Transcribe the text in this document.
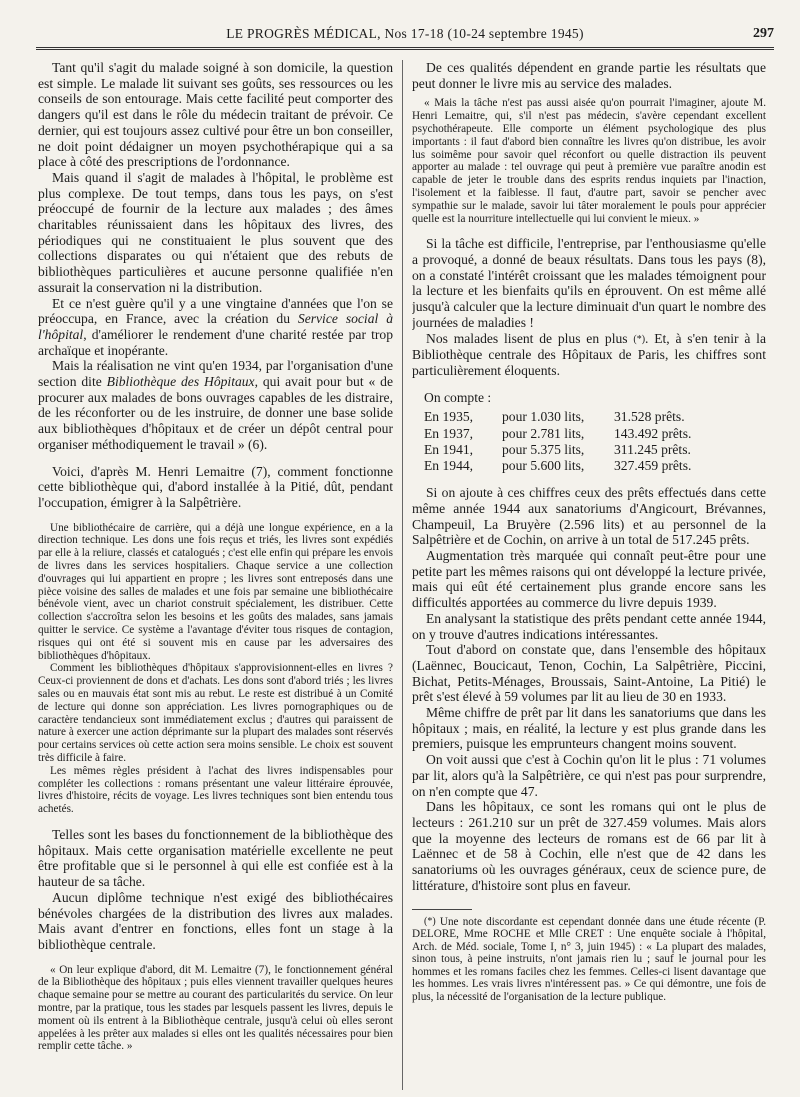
LE PROGRÈS MÉDICAL, Nos 17-18 (10-24 septembre 1945)	297

Tant qu'il s'agit du malade soigné à son domicile, la question est simple. Le malade lit suivant ses goûts, ses ressources ou les conseils de son entourage. Mais cette facilité peut comporter des dangers qu'il est dans le rôle du médecin traitant de prévoir. Ce dernier, qui est toujours assez cultivé pour être un bon conseiller, ne doit point dédaigner un moyen psychothérapique qui a sa place à côté des prescriptions de l'ordonnance.

Mais quand il s'agit de malades à l'hôpital, le problème est plus complexe. De tout temps, dans tous les pays, on s'est préoccupé de fournir de la lecture aux malades ; des âmes charitables réunissaient dans les hôpitaux des livres, des périodiques qui ne constituaient le plus souvent que des collections disparates ou qui n'étaient que des rebuts de bibliothèques particulières et aucune personne qualifiée n'en assurait la conservation ni la distribution.

Et ce n'est guère qu'il y a une vingtaine d'années que l'on se préoccupa, en France, avec la création du Service social à l'hôpital, d'améliorer le rendement d'une charité restée par trop archaïque et inopérante.

Mais la réalisation ne vint qu'en 1934, par l'organisation d'une section dite Bibliothèque des Hôpitaux, qui avait pour but « de procurer aux malades de bons ouvrages capables de les distraire, de les réconforter ou de les instruire, de donner une base solide aux bibliothèques d'hôpitaux et de créer un dépôt central pour organiser méthodiquement le travail » (6).

Voici, d'après M. Henri Lemaitre (7), comment fonctionne cette bibliothèque qui, d'abord installée à la Pitié, dût, pendant l'occupation, émigrer à la Salpêtrière.

Une bibliothécaire de carrière, qui a déjà une longue expérience, en a la direction technique. Les dons une fois reçus et triés, les livres sont expédiés par elle à la reliure, classés et catalogués ; c'est elle enfin qui prépare les envois de livres dans les services hospitaliers. Chaque service a une collection d'ouvrages qui lui appartient en propre ; les livres sont entreposés dans une pièce voisine des salles de malades et une fois par semaine une bibliothécaire bénévole vient, avec un chariot construit spécialement, les distribuer. Cette collection s'accroîtra selon les besoins et les goûts des malades, sans jamais quitter le service. Ce système a l'avantage d'éviter tous risques de contagion, risques qui ont été si souvent mis en cause par les adversaires des bibliothèques d'hôpitaux.

Comment les bibliothèques d'hôpitaux s'approvisionnent-elles en livres ? Ceux-ci proviennent de dons et d'achats. Les dons sont d'abord triés ; les livres sales ou en mauvais état sont mis au rebut. Le reste est distribué à un Comité de lecture qui donne son appréciation. Les livres pornographiques ou de caractère tendancieux sont immédiatement exclus ; d'autres qui paraissent de nature à exercer une action déprimante sur la plupart des malades sont réservés pour certains services où cette action sera moins sensible. Le choix est souvent très difficile à faire.

Les mêmes règles président à l'achat des livres indispensables pour compléter les collections : romans présentant une valeur littéraire éprouvée, livres d'histoire, récits de voyage. Les livres techniques sont bien entendu tous achetés.

Telles sont les bases du fonctionnement de la bibliothèque des hôpitaux. Mais cette organisation matérielle excellente ne peut être profitable que si le personnel à qui elle est confiée est à la hauteur de sa tâche.

Aucun diplôme technique n'est exigé des bibliothécaires bénévoles chargées de la distribution des livres aux malades. Mais avant d'entrer en fonctions, elles font un stage à la bibliothèque centrale.

« On leur explique d'abord, dit M. Lemaitre (7), le fonctionnement général de la Bibliothèque des hôpitaux ; puis elles viennent travailler quelques heures chaque semaine pour se mettre au courant des particularités du service. On leur montre, par la pratique, tous les stades par lesquels passent les livres, depuis le moment où ils entrent à la Bibliothèque centrale, jusqu'à celui où elles seront appelées à les prêter aux malades si elles ont les qualités nécessaires pour bien remplir cette tâche. »

De ces qualités dépendent en grande partie les résultats que peut donner le livre mis au service des malades.

« Mais la tâche n'est pas aussi aisée qu'on pourrait l'imaginer, ajoute M. Henri Lemaitre, qui, s'il n'est pas médecin, s'avère cependant excellent psychothérapeute. Elle comporte un élément psychologique des plus importants : il faut d'abord bien connaître les livres qu'on distribue, les avoir lus soimême pour savoir quel réconfort ou quelle distraction ils peuvent apporter au malade : tel ouvrage qui peut à première vue paraître anodin est capable de jeter le trouble dans des esprits rendus inquiets par l'inaction, l'isolement et la faiblesse. Il faut, d'autre part, savoir se pencher avec sympathie sur le malade, savoir lui tâter moralement le pouls pour apprécier quelle est la nourriture intellectuelle qui lui convient le mieux. »

Si la tâche est difficile, l'entreprise, par l'enthousiasme qu'elle a provoqué, a donné de beaux résultats. Dans tous les pays (8), on a constaté l'intérêt croissant que les malades témoignent pour la lecture et les bienfaits qu'ils en éprouvent. On est même allé jusqu'à calculer que la lecture diminuait d'un quart le nombre des journées de maladies !

Nos malades lisent de plus en plus (*). Et, à s'en tenir à la Bibliothèque centrale des Hôpitaux de Paris, les chiffres sont particulièrement éloquents.

On compte :

En 1935,	pour 1.030 lits,	31.528 prêts.
En 1937,	pour 2.781 lits,	143.492 prêts.
En 1941,	pour 5.375 lits,	311.245 prêts.
En 1944,	pour 5.600 lits,	327.459 prêts.

Si on ajoute à ces chiffres ceux des prêts effectués dans cette même année 1944 aux sanatoriums d'Angicourt, Brévannes, Champeuil, La Bruyère (2.596 lits) et au personnel de la Salpêtrière et de Cochin, on arrive à un total de 517.245 prêts.

Augmentation très marquée qui connaît peut-être pour une petite part les mêmes raisons qui ont développé la lecture privée, mais qui eût été certainement plus grande encore sans les difficultés apportées au commerce du livre depuis 1939.

En analysant la statistique des prêts pendant cette année 1944, on y trouve d'autres indications intéressantes.

Tout d'abord on constate que, dans l'ensemble des hôpitaux (Laënnec, Boucicaut, Tenon, Cochin, La Salpêtrière, Piccini, Bichat, Petits-Ménages, Broussais, Saint-Antoine, La Pitié) le prêt s'est élevé à 59 volumes par lit au lieu de 30 en 1933.

Même chiffre de prêt par lit dans les sanatoriums que dans les hôpitaux ; mais, en réalité, la lecture y est plus grande dans les premiers, puisque les emprunteurs changent moins souvent.

On voit aussi que c'est à Cochin qu'on lit le plus : 71 volumes par lit, alors qu'à la Salpêtrière, ce qui n'est pas pour surprendre, on n'en compte que 47.

Dans les hôpitaux, ce sont les romans qui ont le plus de lecteurs : 261.210 sur un prêt de 327.459 volumes. Mais alors que la moyenne des lecteurs de romans est de 66 par lit à Laënnec et de 58 à Cochin, elle n'est que de 42 dans les sanatoriums où les ouvrages généraux, ceux de science pure, de littérature, d'histoire sont plus en faveur.

(*) Une note discordante est cependant donnée dans une étude récente (P. DELORE, Mme ROCHE et Mlle CRET : Une enquête sociale à l'hôpital, Arch. de Méd. sociale, Tome I, n° 3, juin 1945) : « La plupart des malades, sinon tous, à peine instruits, n'ont jamais rien lu ; sauf le journal pour les hommes et les romans faciles chez les femmes. Celles-ci lisent davantage que les hommes. Les vrais livres n'intéressent pas. » Ce qui démontre, une fois de plus, la nécessité de l'organisation de la lecture publique.
